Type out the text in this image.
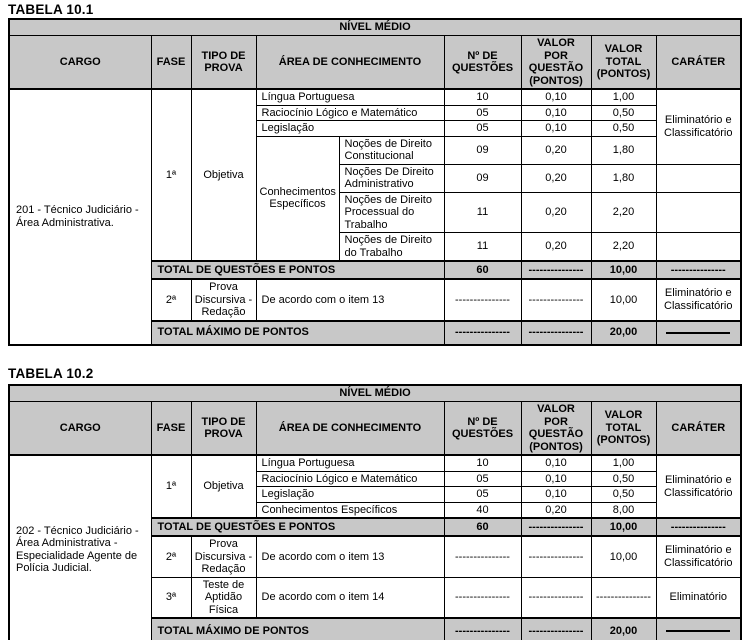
TABELA 10.1
NÍVEL MÉDIO								
CARGO	FASE	TIPO DE PROVA	ÁREA DE CONHECIMENTO		Nº DE QUESTÕES	VALOR POR QUESTÃO (PONTOS)	VALOR TOTAL (PONTOS)	CARÁTER
201 - Técnico Judiciário - Área Administrativa.	1ª	Objetiva	Língua Portuguesa		10	0,10	1,00	Eliminatório e Classificatório
			Raciocínio Lógico e Matemático		05	0,10	0,50	
			Legislação		05	0,10	0,50	
			Conhecimentos Específicos	Noções de Direito Constitucional	09	0,20	1,80	
				Noções De Direito Administrativo	09	0,20	1,80	
				Noções de Direito Processual do Trabalho	11	0,20	2,20	
				Noções de Direito do Trabalho	11	0,20	2,20	
	TOTAL DE QUESTÕES E PONTOS				60	---------------	10,00	---------------
	2ª	Prova Discursiva - Redação	De acordo com o item 13		---------------	---------------	10,00	Eliminatório e Classificatório
	TOTAL MÁXIMO DE PONTOS				---------------	---------------	20,00	
TABELA 10.2
NÍVEL MÉDIO							
CARGO	FASE	TIPO DE PROVA	ÁREA DE CONHECIMENTO	Nº DE QUESTÕES	VALOR POR QUESTÃO (PONTOS)	VALOR TOTAL (PONTOS)	CARÁTER
202 - Técnico Judiciário - Área Administrativa - Especialidade Agente de Polícia Judicial.	1ª	Objetiva	Língua Portuguesa	10	0,10	1,00	Eliminatório e Classificatório
			Raciocínio Lógico e Matemático	05	0,10	0,50	
			Legislação	05	0,10	0,50	
			Conhecimentos Específicos	40	0,20	8,00	
	TOTAL DE QUESTÕES E PONTOS			60	---------------	10,00	---------------
	2ª	Prova Discursiva - Redação	De acordo com o item 13	---------------	---------------	10,00	Eliminatório e Classificatório
	3ª	Teste de Aptidão Física	De acordo com o item 14	---------------	---------------	---------------	Eliminatório
	TOTAL MÁXIMO DE PONTOS			---------------	---------------	20,00	
